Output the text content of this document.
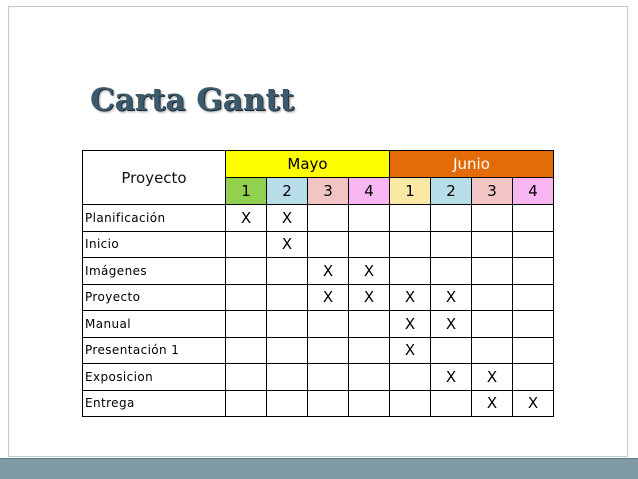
Carta Gantt
Proyecto	Mayo				Junio			
	1	2	3	4	1	2	3	4
Planificación	X	X						
Inicio		X						
Imágenes			X	X				
Proyecto			X	X	X	X		
Manual					X	X		
Presentación 1					X			
Exposicion						X	X	
Entrega							X	X
